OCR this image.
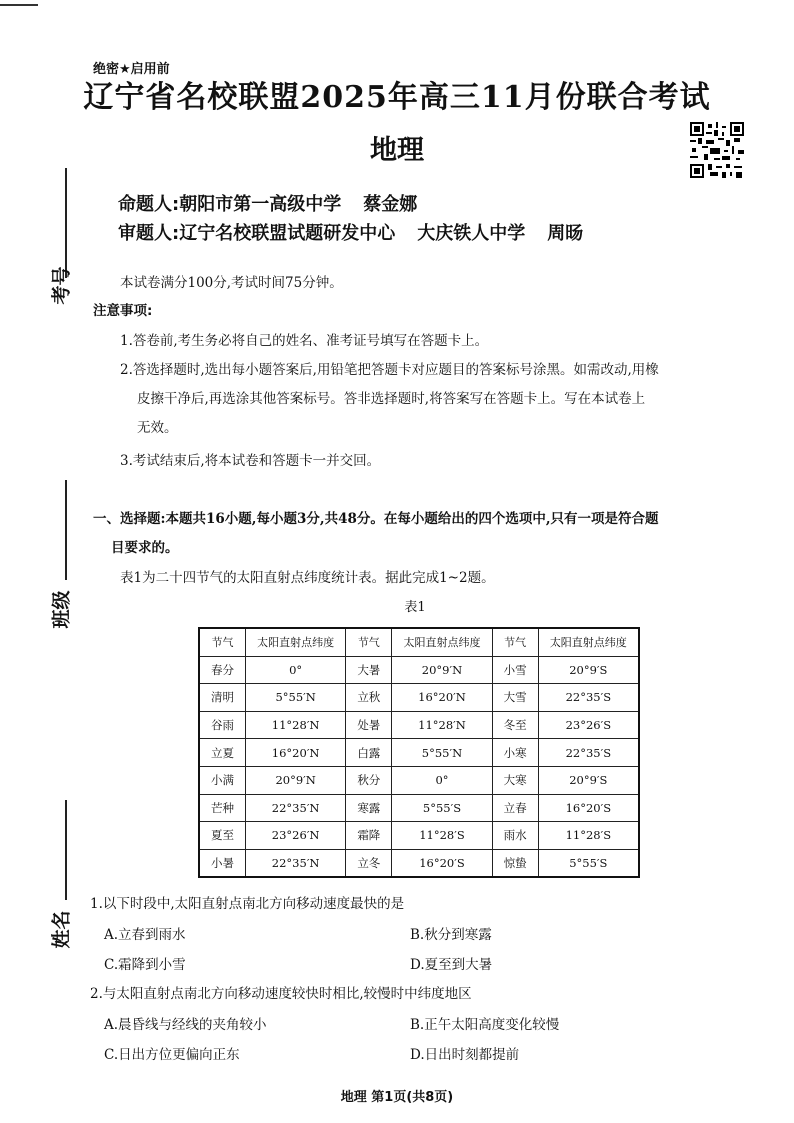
绝密★启用前
辽宁省名校联盟2025年高三11月份联合考试
地理
命题人:朝阳市第一高级中学 蔡金娜
审题人:辽宁名校联盟试题研发中心 大庆铁人中学 周旸
考号
班级
姓名
本试卷满分100分,考试时间75分钟。
注意事项:
1.答卷前,考生务必将自己的姓名、准考证号填写在答题卡上。
2.答选择题时,选出每小题答案后,用铅笔把答题卡对应题目的答案标号涂黑。如需改动,用橡
皮擦干净后,再选涂其他答案标号。答非选择题时,将答案写在答题卡上。写在本试卷上
无效。
3.考试结束后,将本试卷和答题卡一并交回。
一、选择题:本题共16小题,每小题3分,共48分。在每小题给出的四个选项中,只有一项是符合题
目要求的。
表1为二十四节气的太阳直射点纬度统计表。据此完成1~2题。
表1
节气	太阳直射点纬度	节气	太阳直射点纬度	节气	太阳直射点纬度
春分	0°	大暑	20°9′N	小雪	20°9′S
清明	5°55′N	立秋	16°20′N	大雪	22°35′S
谷雨	11°28′N	处暑	11°28′N	冬至	23°26′S
立夏	16°20′N	白露	5°55′N	小寒	22°35′S
小满	20°9′N	秋分	0°	大寒	20°9′S
芒种	22°35′N	寒露	5°55′S	立春	16°20′S
夏至	23°26′N	霜降	11°28′S	雨水	11°28′S
小暑	22°35′N	立冬	16°20′S	惊蛰	5°55′S
1.以下时段中,太阳直射点南北方向移动速度最快的是
A.立春到雨水	B.秋分到寒露
C.霜降到小雪	D.夏至到大暑
2.与太阳直射点南北方向移动速度较快时相比,较慢时中纬度地区
A.晨昏线与经线的夹角较小	B.正午太阳高度变化较慢
C.日出方位更偏向正东	D.日出时刻都提前
地理 第1页(共8页)
